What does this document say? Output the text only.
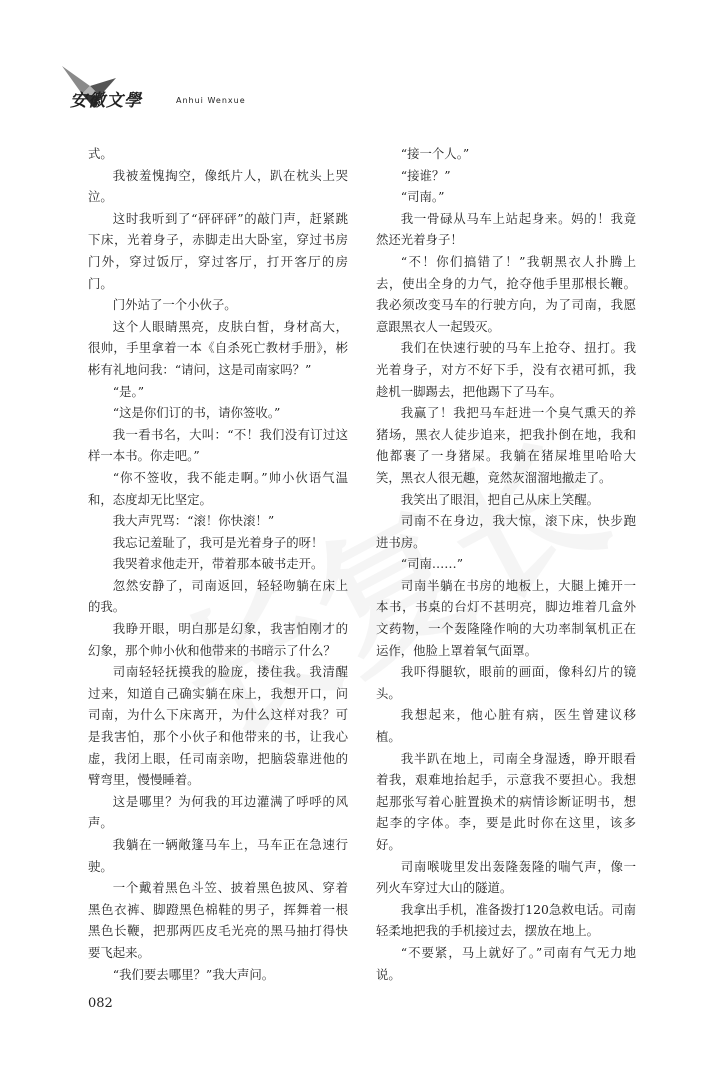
安徽文學	Anhui Wenxue

式。

我被羞愧掏空，像纸片人，趴在枕头上哭泣。

这时我听到了“砰砰砰”的敲门声，赶紧跳下床，光着身子，赤脚走出大卧室，穿过书房门外，穿过饭厅，穿过客厅，打开客厅的房门。

门外站了一个小伙子。

这个人眼睛黑亮，皮肤白皙，身材高大，很帅，手里拿着一本《自杀死亡教材手册》，彬彬有礼地问我：“请问，这是司南家吗？”

“是。”

“这是你们订的书，请你签收。”

我一看书名，大叫：“不！我们没有订过这样一本书。你走吧。”

“你不签收，我不能走啊。”帅小伙语气温和，态度却无比坚定。

我大声咒骂：“滚！你快滚！”

我忘记羞耻了，我可是光着身子的呀！

我哭着求他走开，带着那本破书走开。

忽然安静了，司南返回，轻轻吻躺在床上的我。

我睁开眼，明白那是幻象，我害怕刚才的幻象，那个帅小伙和他带来的书暗示了什么？

司南轻轻抚摸我的脸庞，搂住我。我清醒过来，知道自己确实躺在床上，我想开口，问司南，为什么下床离开，为什么这样对我？可是我害怕，那个小伙子和他带来的书，让我心虚，我闭上眼，任司南亲吻，把脑袋靠进他的臂弯里，慢慢睡着。

这是哪里？为何我的耳边灌满了呼呼的风声。

我躺在一辆敞篷马车上，马车正在急速行驶。

一个戴着黑色斗笠、披着黑色披风、穿着黑色衣裤、脚蹬黑色棉鞋的男子，挥舞着一根黑色长鞭，把那两匹皮毛光亮的黑马抽打得快要飞起来。

“我们要去哪里？”我大声问。

“接一个人。”

“接谁？”

“司南。”

我一骨碌从马车上站起身来。妈的！我竟然还光着身子！

“不！你们搞错了！”我朝黑衣人扑腾上去，使出全身的力气，抢夺他手里那根长鞭。我必须改变马车的行驶方向，为了司南，我愿意跟黑衣人一起毁灭。

我们在快速行驶的马车上抢夺、扭打。我光着身子，对方不好下手，没有衣裙可抓，我趁机一脚踢去，把他踢下了马车。

我赢了！我把马车赶进一个臭气熏天的养猪场，黑衣人徒步追来，把我扑倒在地，我和他都裹了一身猪屎。我躺在猪屎堆里哈哈大笑，黑衣人很无趣，竟然灰溜溜地撤走了。

我笑出了眼泪，把自己从床上笑醒。

司南不在身边，我大惊，滚下床，快步跑进书房。

“司南……”

司南半躺在书房的地板上，大腿上摊开一本书，书桌的台灯不甚明亮，脚边堆着几盒外文药物，一个轰隆隆作响的大功率制氧机正在运作，他脸上罩着氧气面罩。

我吓得腿软，眼前的画面，像科幻片的镜头。

我想起来，他心脏有病，医生曾建议移植。

我半趴在地上，司南全身湿透，睁开眼看着我，艰难地抬起手，示意我不要担心。我想起那张写着心脏置换术的病情诊断证明书，想起李的字体。李，要是此时你在这里，该多好。

司南喉咙里发出轰隆轰隆的喘气声，像一列火车穿过大山的隧道。

我拿出手机，准备拨打120急救电话。司南轻柔地把我的手机接过去，摆放在地上。

“不要紧，马上就好了。”司南有气无力地说。

082
